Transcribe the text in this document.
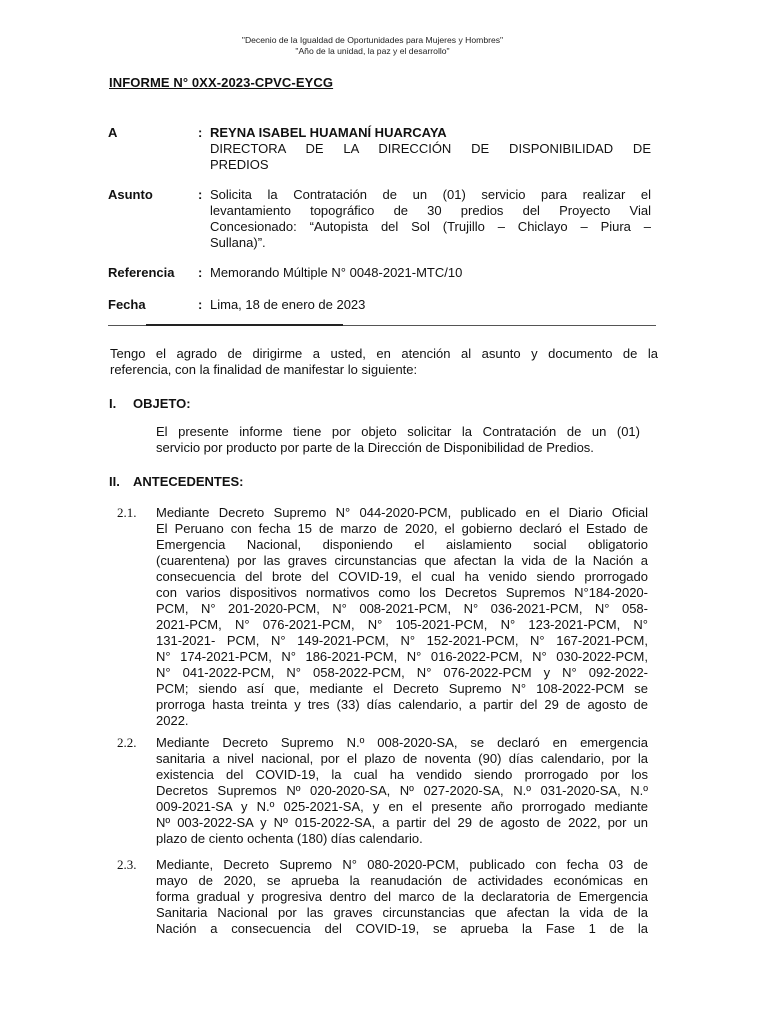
"Decenio de la Igualdad de Oportunidades para Mujeres y Hombres"
"Año de la unidad, la paz y el desarrollo"
INFORME N° 0XX-2023-CPVC-EYCG
A	: REYNA ISABEL HUAMANÍ HUARCAYA
DIRECTORA DE LA DIRECCIÓN DE DISPONIBILIDAD DE
PREDIOS
Asunto	: Solicita la Contratación de un (01) servicio para realizar el
levantamiento topográfico de 30 predios del Proyecto Vial
Concesionado: “Autopista del Sol (Trujillo – Chiclayo – Piura –
Sullana)”.
Referencia : Memorando Múltiple N° 0048-2021-MTC/10
Fecha	: Lima, 18 de enero de 2023
Tengo el agrado de dirigirme a usted, en atención al asunto y documento de la
referencia, con la finalidad de manifestar lo siguiente:
I. OBJETO:
El presente informe tiene por objeto solicitar la Contratación de un (01)
servicio por producto por parte de la Dirección de Disponibilidad de Predios.
II. ANTECEDENTES:
2.1. Mediante Decreto Supremo N° 044-2020-PCM, publicado en el Diario Oficial
El Peruano con fecha 15 de marzo de 2020, el gobierno declaró el Estado de
Emergencia Nacional, disponiendo el aislamiento social obligatorio
(cuarentena) por las graves circunstancias que afectan la vida de la Nación a
consecuencia del brote del COVID-19, el cual ha venido siendo prorrogado
con varios dispositivos normativos como los Decretos Supremos N°184-2020-
PCM, N° 201-2020-PCM, N° 008-2021-PCM, N° 036-2021-PCM, N° 058-
2021-PCM, N° 076-2021-PCM, N° 105-2021-PCM, N° 123-2021-PCM, N°
131-2021- PCM, N° 149-2021-PCM, N° 152-2021-PCM, N° 167-2021-PCM,
N° 174-2021-PCM, N° 186-2021-PCM, N° 016-2022-PCM, N° 030-2022-PCM,
N° 041-2022-PCM, N° 058-2022-PCM, N° 076-2022-PCM y N° 092-2022-
PCM; siendo así que, mediante el Decreto Supremo N° 108-2022-PCM se
prorroga hasta treinta y tres (33) días calendario, a partir del 29 de agosto de
2022.
2.2. Mediante Decreto Supremo N.º 008-2020-SA, se declaró en emergencia
sanitaria a nivel nacional, por el plazo de noventa (90) días calendario, por la
existencia del COVID-19, la cual ha vendido siendo prorrogado por los
Decretos Supremos Nº 020-2020-SA, Nº 027-2020-SA, N.º 031-2020-SA, N.º
009-2021-SA y N.º 025-2021-SA, y en el presente año prorrogado mediante
Nº 003-2022-SA y Nº 015-2022-SA, a partir del 29 de agosto de 2022, por un
plazo de ciento ochenta (180) días calendario.
2.3. Mediante, Decreto Supremo N° 080-2020-PCM, publicado con fecha 03 de
mayo de 2020, se aprueba la reanudación de actividades económicas en
forma gradual y progresiva dentro del marco de la declaratoria de Emergencia
Sanitaria Nacional por las graves circunstancias que afectan la vida de la
Nación a consecuencia del COVID-19, se aprueba la Fase 1 de la
